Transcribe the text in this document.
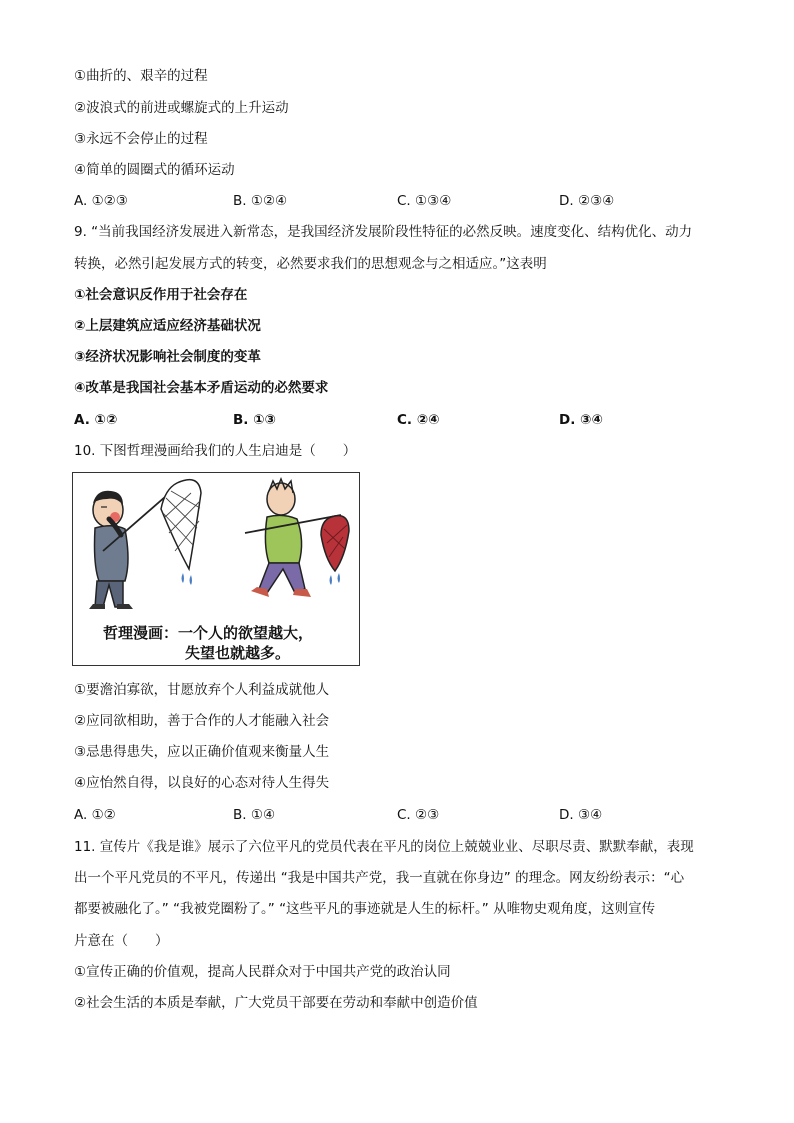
①曲折的、艰辛的过程
②波浪式的前进或螺旋式的上升运动
③永远不会停止的过程
④简单的圆圈式的循环运动
A. ①②③	B. ①②④	C. ①③④	D. ②③④
9. “当前我国经济发展进入新常态，是我国经济发展阶段性特征的必然反映。速度变化、结构优化、动力
转换，必然引起发展方式的转变，必然要求我们的思想观念与之相适应。”这表明
①社会意识反作用于社会存在
②上层建筑应适应经济基础状况
③经济状况影响社会制度的变革
④改革是我国社会基本矛盾运动的必然要求
A. ①②	B. ①③	C. ②④	D. ③④
10. 下图哲理漫画给我们的人生启迪是（　　）
哲理漫画：一个人的欲望越大，
失望也就越多。
①要澹泊寡欲，甘愿放弃个人利益成就他人
②应同欲相助，善于合作的人才能融入社会
③忌患得患失，应以正确价值观来衡量人生
④应怡然自得，以良好的心态对待人生得失
A. ①②	B. ①④	C. ②③	D. ③④
11. 宣传片《我是谁》展示了六位平凡的党员代表在平凡的岗位上兢兢业业、尽职尽责、默默奉献，表现
出一个平凡党员的不平凡，传递出 “我是中国共产党，我一直就在你身边” 的理念。网友纷纷表示：“心
都要被融化了。” “我被党圈粉了。” “这些平凡的事迹就是人生的标杆。” 从唯物史观角度，这则宣传
片意在（　　）
①宣传正确的价值观，提高人民群众对于中国共产党的政治认同
②社会生活的本质是奉献，广大党员干部要在劳动和奉献中创造价值
